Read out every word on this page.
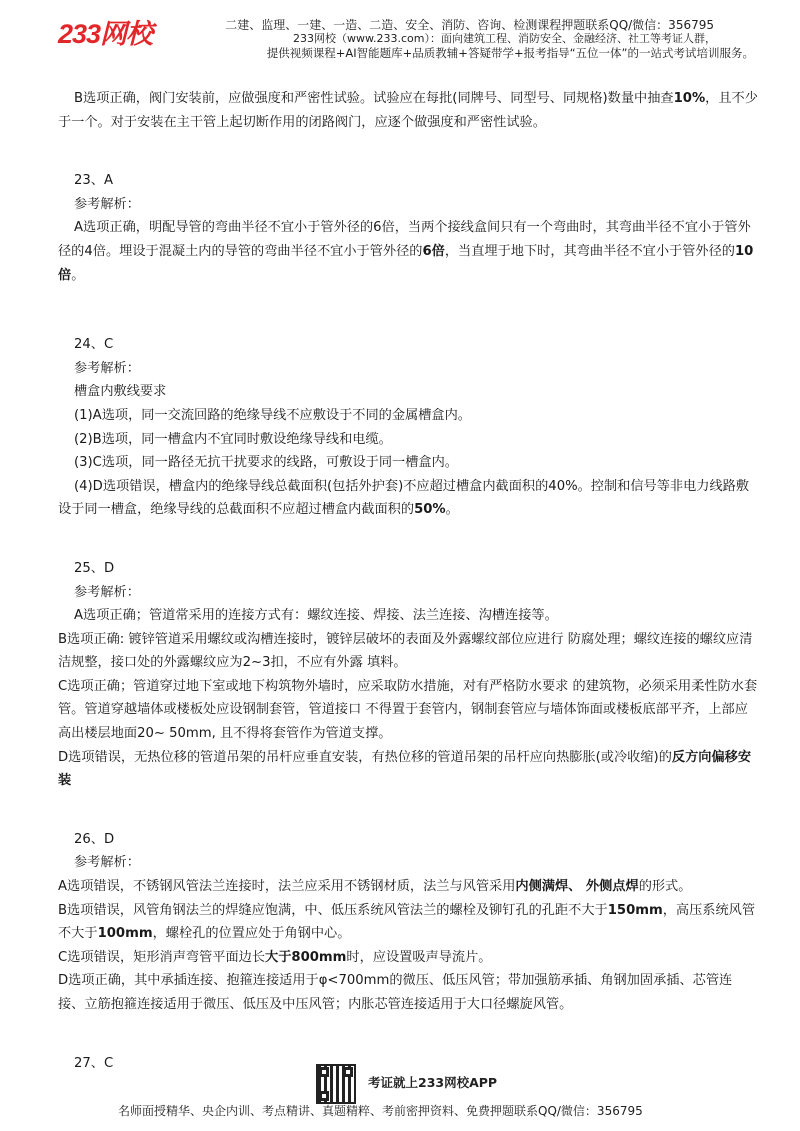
233网校	二建、监理、一建、一造、二造、安全、消防、咨询、检测课程押题联系QQ/微信：356795
233网校（www.233.com）：面向建筑工程、消防安全、金融经济、社工等考证人群，
提供视频课程+AI智能题库+品质教辅+答疑带学+报考指导“五位一体”的一站式考试培训服务。

B选项正确，阀门安装前，应做强度和严密性试验。试验应在每批(同牌号、同型号、同规格)数量中抽查10%，且不少于一个。对于安装在主干管上起切断作用的闭路阀门，应逐个做强度和严密性试验。

23、A

参考解析：

A选项正确，明配导管的弯曲半径不宜小于管外径的6倍，当两个接线盒间只有一个弯曲时，其弯曲半径不宜小于管外径的4倍。埋设于混凝土内的导管的弯曲半径不宜小于管外径的6倍，当直埋于地下时，其弯曲半径不宜小于管外径的10倍。

24、C

参考解析：

槽盒内敷线要求

(1)A选项，同一交流回路的绝缘导线不应敷设于不同的金属槽盒内。

(2)B选项，同一槽盒内不宜同时敷设绝缘导线和电缆。

(3)C选项，同一路径无抗干扰要求的线路，可敷设于同一槽盒内。

(4)D选项错误，槽盒内的绝缘导线总截面积(包括外护套)不应超过槽盒内截面积的40%。控制和信号等非电力线路敷设于同一槽盒，绝缘导线的总截面积不应超过槽盒内截面积的50%。

25、D

参考解析：

A选项正确；管道常采用的连接方式有：螺纹连接、焊接、法兰连接、沟槽连接等。

B选项正确: 镀锌管道采用螺纹或沟槽连接时，镀锌层破坏的表面及外露螺纹部位应进行 防腐处理；螺纹连接的螺纹应清洁规整，接口处的外露螺纹应为2~3扣，不应有外露 填料。

C选项正确；管道穿过地下室或地下构筑物外墙时，应采取防水措施，对有严格防水要求 的建筑物，必须采用柔性防水套管。管道穿越墙体或楼板处应设钢制套管，管道接口 不得置于套管内，钢制套管应与墙体饰面或楼板底部平齐，上部应高出楼层地面20~ 50mm, 且不得将套管作为管道支撑。

D选项错误，无热位移的管道吊架的吊杆应垂直安装，有热位移的管道吊架的吊杆应向热膨胀(或冷收缩)的反方向偏移安装

26、D

参考解析：

A选项错误，不锈钢风管法兰连接时，法兰应采用不锈钢材质，法兰与风管采用内侧满焊、 外侧点焊的形式。

B选项错误，风管角钢法兰的焊缝应饱满，中、低压系统风管法兰的螺栓及铆钉孔的孔距不大于150mm，高压系统风管不大于100mm，螺栓孔的位置应处于角钢中心。

C选项错误，矩形消声弯管平面边长大于800mm时，应设置吸声导流片。

D选项正确，其中承插连接、抱箍连接适用于φ<700mm的微压、低压风管；带加强筋承插、角钢加固承插、芯管连接、立筋抱箍连接适用于微压、低压及中压风管；内胀芯管连接适用于大口径螺旋风管。

27、C

考证就上233网校APP
名师面授精华、央企内训、考点精讲、真题精粹、考前密押资料、免费押题联系QQ/微信：356795
